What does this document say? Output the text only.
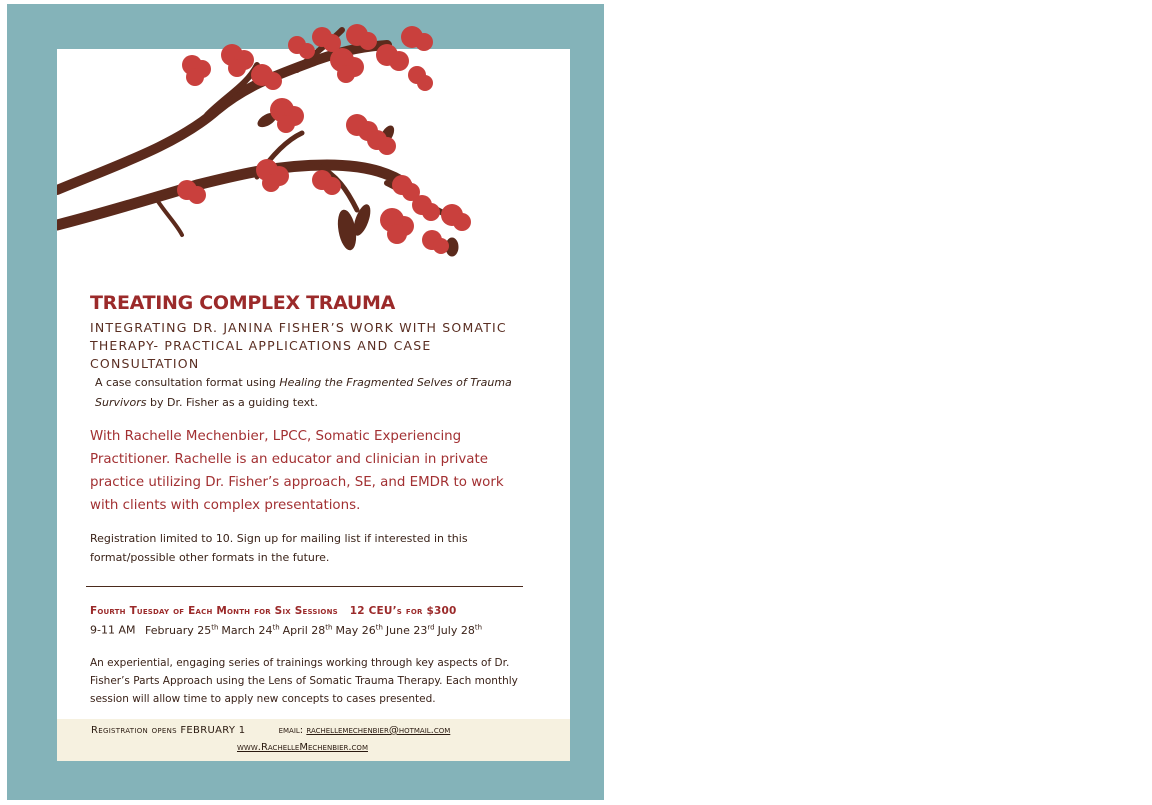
TREATING COMPLEX TRAUMA
INTEGRATING DR. JANINA FISHER’S WORK WITH SOMATIC THERAPY- PRACTICAL APPLICATIONS AND CASE CONSULTATION
A case consultation format using Healing the Fragmented Selves of Trauma Survivors by Dr. Fisher as a guiding text.
With Rachelle Mechenbier, LPCC, Somatic Experiencing Practitioner. Rachelle is an educator and clinician in private practice utilizing Dr. Fisher’s approach, SE, and EMDR to work with clients with complex presentations.
Registration limited to 10. Sign up for mailing list if interested in this format/possible other formats in the future.
Fourth Tuesday of Each Month for Six Sessions 12 CEU’s for $300
9-11 AM February 25th March 24th April 28th May 26th June 23rd July 28th
An experiential, engaging series of trainings working through key aspects of Dr. Fisher’s Parts Approach using the Lens of Somatic Trauma Therapy. Each monthly session will allow time to apply new concepts to cases presented.
Registration opens FEBRUARY 1	email: rachellemechenbier@hotmail.com
www.RachelleMechenbier.com
